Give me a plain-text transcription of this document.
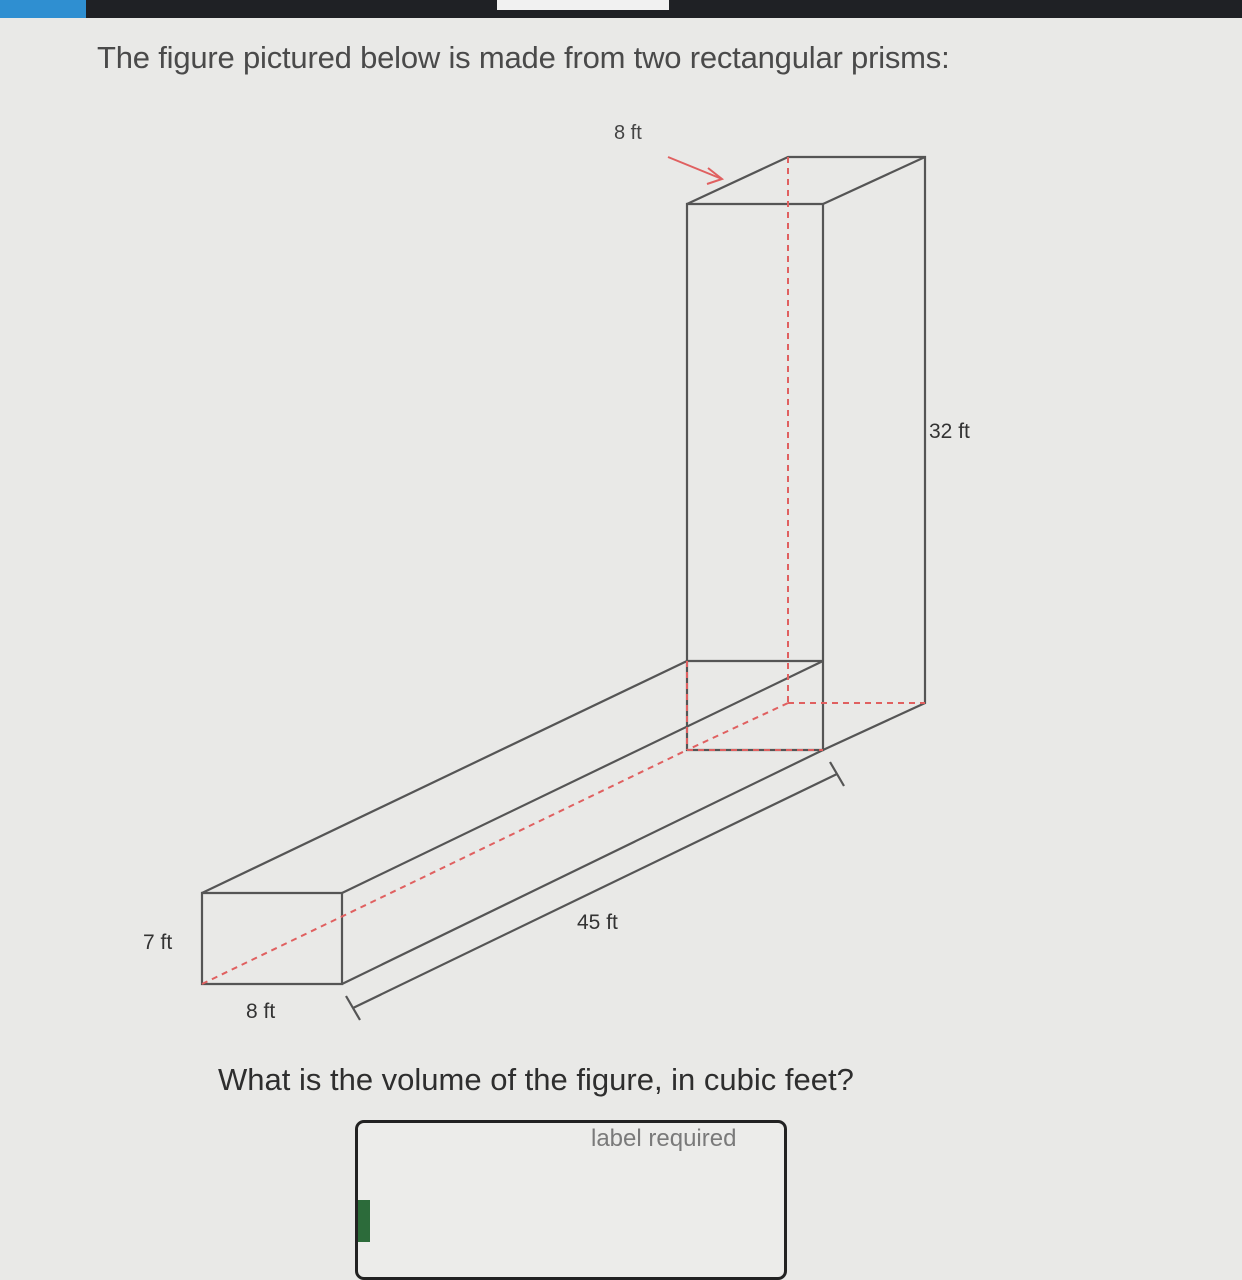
The figure pictured below is made from two rectangular prisms:
8 ft
32 ft
7 ft
8 ft
45 ft
What is the volume of the figure, in cubic feet?
label required
